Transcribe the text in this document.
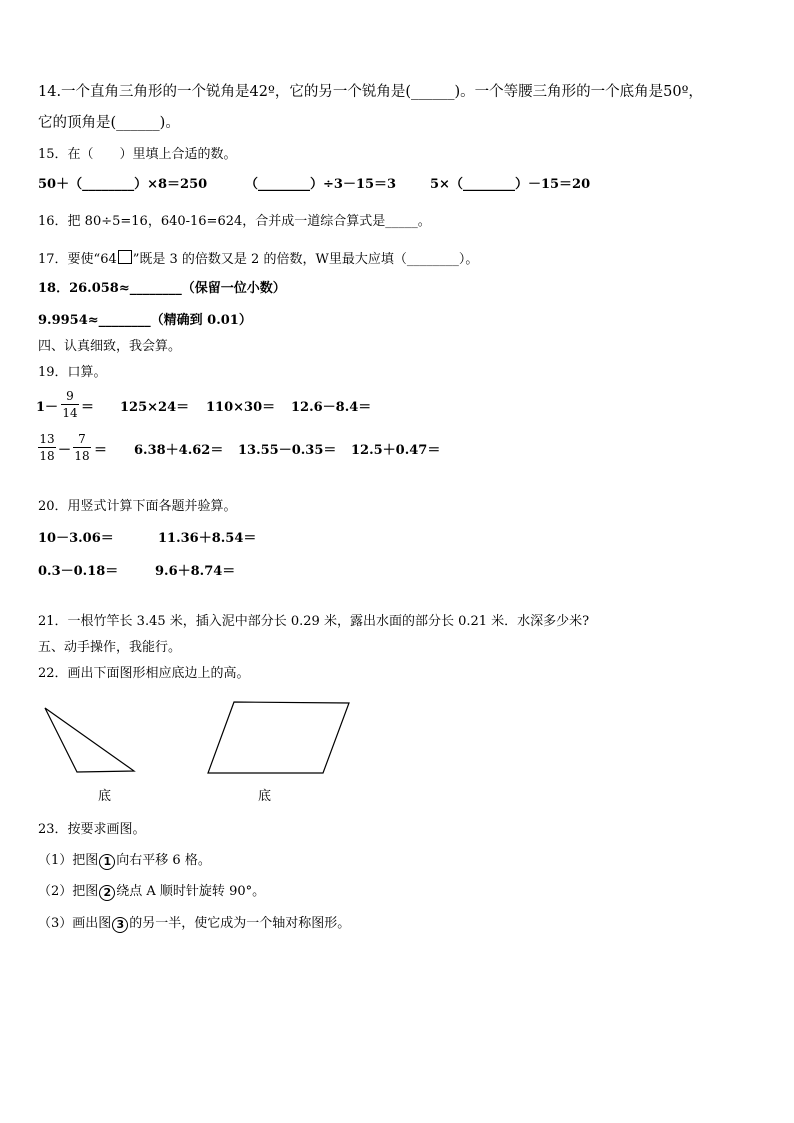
14.一个直角三角形的一个锐角是42º，它的另一个锐角是(______)。一个等腰三角形的一个底角是50º，
它的顶角是(______)。
15．在（　　）里填上合适的数。
50＋（________）×8＝250	（________）÷3－15＝3	5×（________）－15＝20
16．把 80÷5=16，640-16=624，合并成一道综合算式是_____。
17．要使“64 ”既是 3 的倍数又是 2 的倍数，W里最大应填（________）。
18．26.058≈________（保留一位小数）
9.9954≈________（精确到 0.01）
四、认真细致，我会算。
19．口算。
1－
9
14 ＝ 125×24＝ 110×30＝ 12.6－8.4＝
13
18 －
7
18 ＝ 6.38＋4.62＝ 13.55－0.35＝ 12.5＋0.47＝
20．用竖式计算下面各题并验算。
10－3.06＝	11.36＋8.54＝
0.3－0.18＝	9.6＋8.74＝
21．一根竹竿长 3.45 米，插入泥中部分长 0.29 米，露出水面的部分长 0.21 米．水深多少米?
五、动手操作，我能行。
22．画出下面图形相应底边上的高。
底	底
23．按要求画图。
（1）把图 1 向右平移 6 格。
（2）把图 2 绕点 A 顺时针旋转 90°。
（3）画出图 3 的另一半，使它成为一个轴对称图形。
